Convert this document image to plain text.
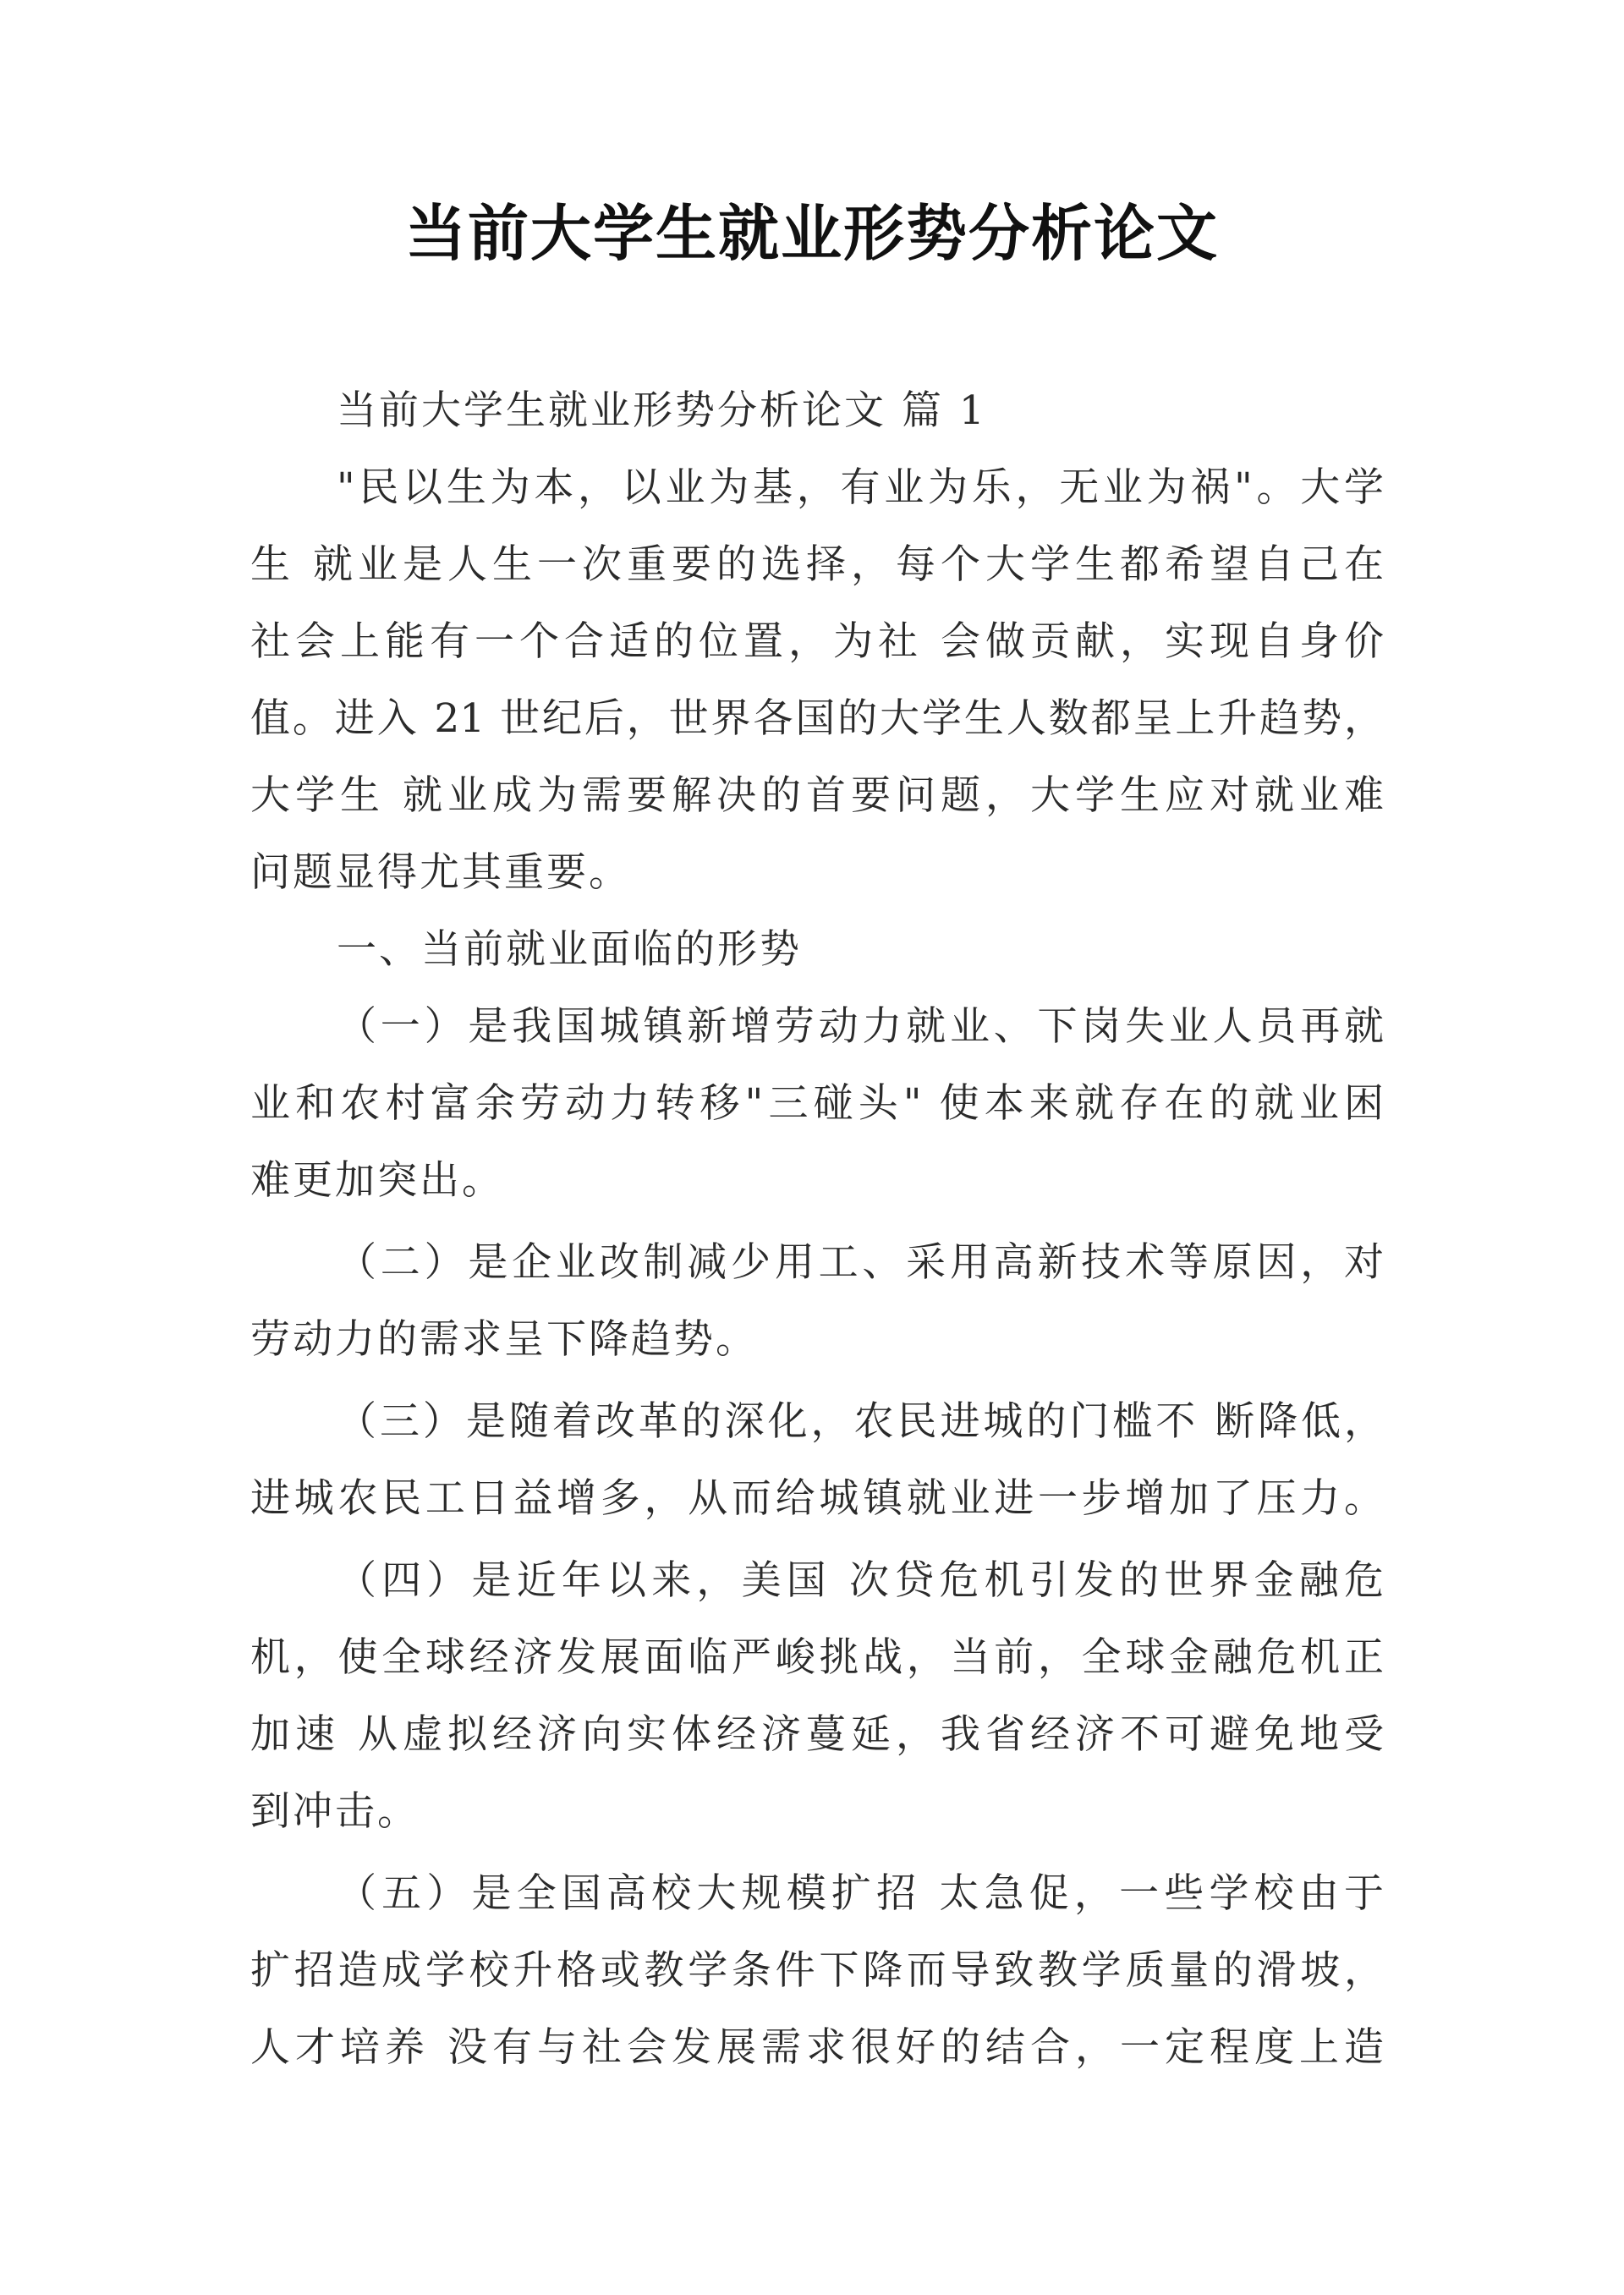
当前大学生就业形势分析论文
当前大学生就业形势分析论文 篇 1
"民以生为本，以业为基，有业为乐，无业为祸"。大学
生 就业是人生一次重要的选择，每个大学生都希望自己在
社会上能有一个合适的位置，为社 会做贡献，实现自身价
值。进入 21 世纪后，世界各国的大学生人数都呈上升趋势，
大学生 就业成为需要解决的首要问题，大学生应对就业难
问题显得尤其重要。
一、当前就业面临的形势
（一）是我国城镇新增劳动力就业、下岗失业人员再就
业和农村富余劳动力转移"三碰头" 使本来就存在的就业困
难更加突出。
（二）是企业改制减少用工、采用高新技术等原因，对
劳动力的需求呈下降趋势。
（三）是随着改革的深化，农民进城的门槛不 断降低，
进城农民工日益增多，从而给城镇就业进一步增加了压力。
（四）是近年以来，美国 次贷危机引发的世界金融危
机，使全球经济发展面临严峻挑战，当前，全球金融危机正
加速 从虚拟经济向实体经济蔓延，我省经济不可避免地受
到冲击。
（五）是全国高校大规模扩招 太急促，一些学校由于
扩招造成学校升格或教学条件下降而导致教学质量的滑坡，
人才培养 没有与社会发展需求很好的结合，一定程度上造
